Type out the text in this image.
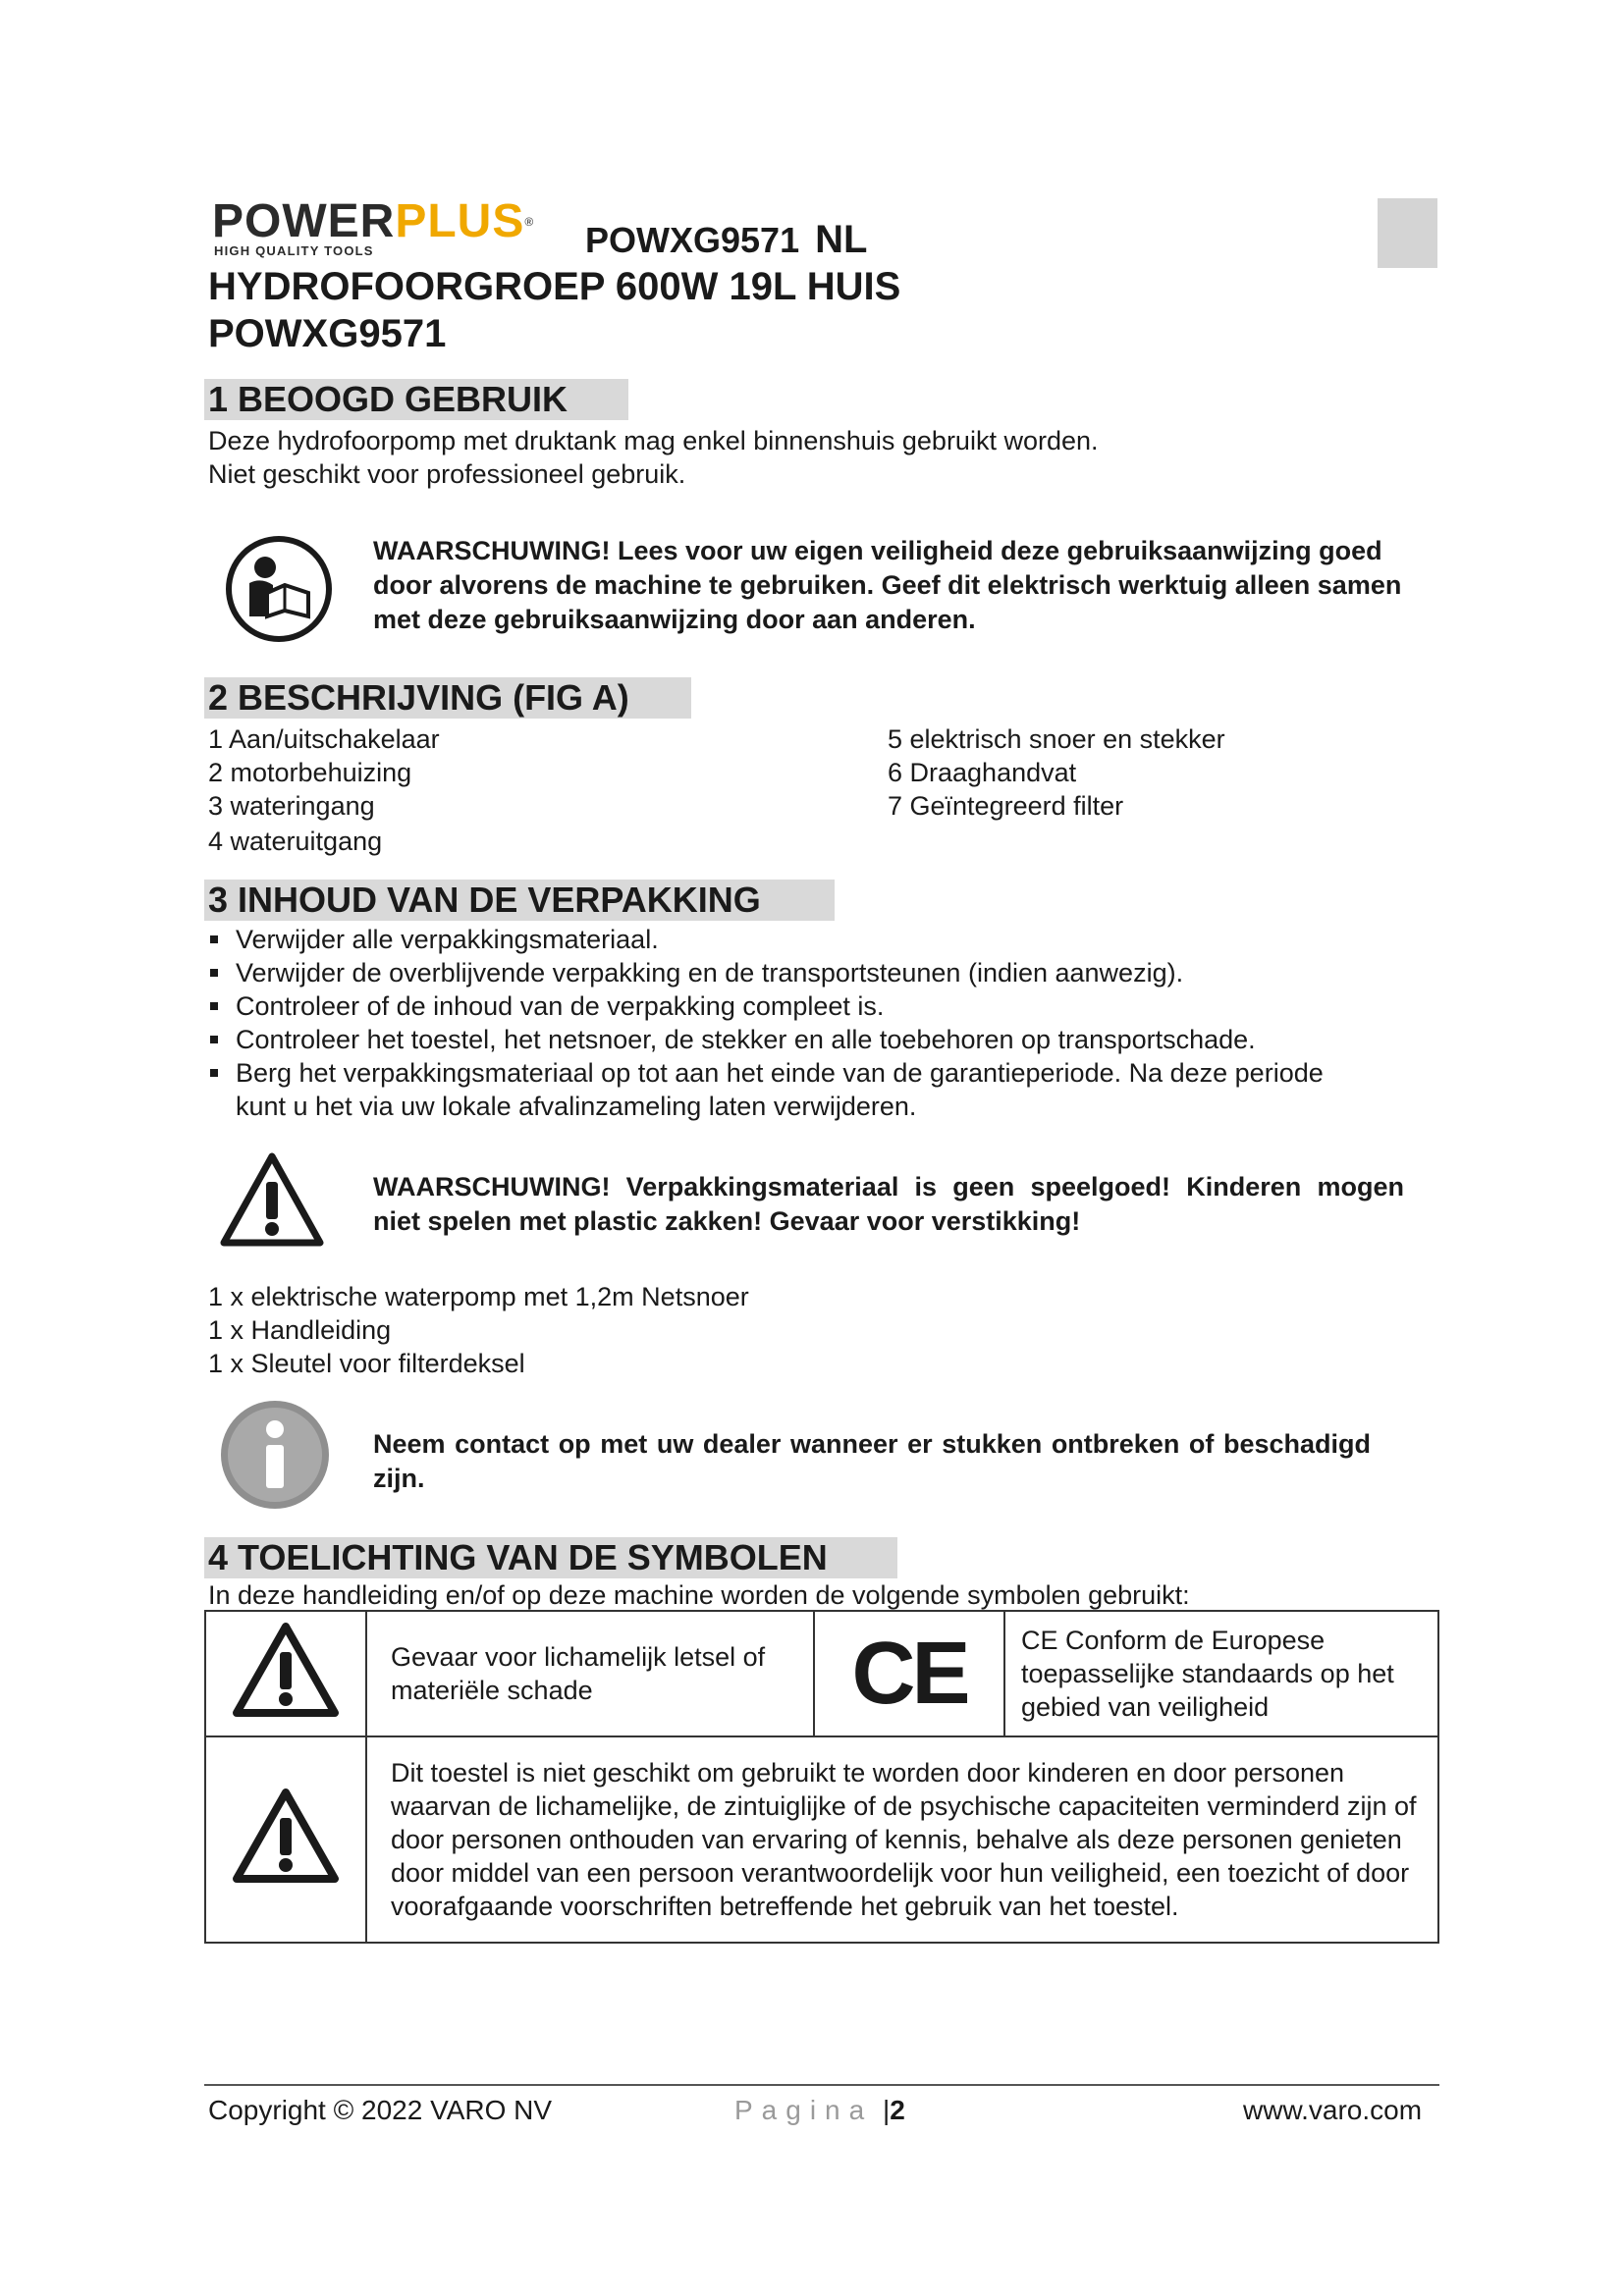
POWERPLUS®
HIGH QUALITY TOOLS	POWXG9571 NL
HYDROFOORGROEP 600W 19L HUIS
POWXG9571
1 BEOOGD GEBRUIK
Deze hydrofoorpomp met druktank mag enkel binnenshuis gebruikt worden.
Niet geschikt voor professioneel gebruik.
WAARSCHUWING! Lees voor uw eigen veiligheid deze gebruiksaanwijzing goed door alvorens de machine te gebruiken. Geef dit elektrisch werktuig alleen samen met deze gebruiksaanwijzing door aan anderen.
2 BESCHRIJVING (FIG A)
1 Aan/uitschakelaar
2 motorbehuizing
3 wateringang
4 wateruitgang
5 elektrisch snoer en stekker
6 Draaghandvat
7 Geïntegreerd filter
3 INHOUD VAN DE VERPAKKING
Verwijder alle verpakkingsmateriaal.
Verwijder de overblijvende verpakking en de transportsteunen (indien aanwezig).
Controleer of de inhoud van de verpakking compleet is.
Controleer het toestel, het netsnoer, de stekker en alle toebehoren op transportschade.
Berg het verpakkingsmateriaal op tot aan het einde van de garantieperiode. Na deze periode kunt u het via uw lokale afvalinzameling laten verwijderen.
WAARSCHUWING! Verpakkingsmateriaal is geen speelgoed! Kinderen mogen niet spelen met plastic zakken! Gevaar voor verstikking!
1 x elektrische waterpomp met 1,2m Netsnoer
1 x Handleiding
1 x Sleutel voor filterdeksel
Neem contact op met uw dealer wanneer er stukken ontbreken of beschadigd zijn.
4 TOELICHTING VAN DE SYMBOLEN
In deze handleiding en/of op deze machine worden de volgende symbolen gebruikt:
	Gevaar voor lichamelijk letsel of materiële schade	CE	CE Conform de Europese toepasselijke standaards op het gebied van veiligheid
	Dit toestel is niet geschikt om gebruikt te worden door kinderen en door personen waarvan de lichamelijke, de zintuiglijke of de psychische capaciteiten verminderd zijn of door personen onthouden van ervaring of kennis, behalve als deze personen genieten door middel van een persoon verantwoordelijk voor hun veiligheid, een toezicht of door voorafgaande voorschriften betreffende het gebruik van het toestel.		
Copyright © 2022 VARO NV	Pagina |2	www.varo.com
